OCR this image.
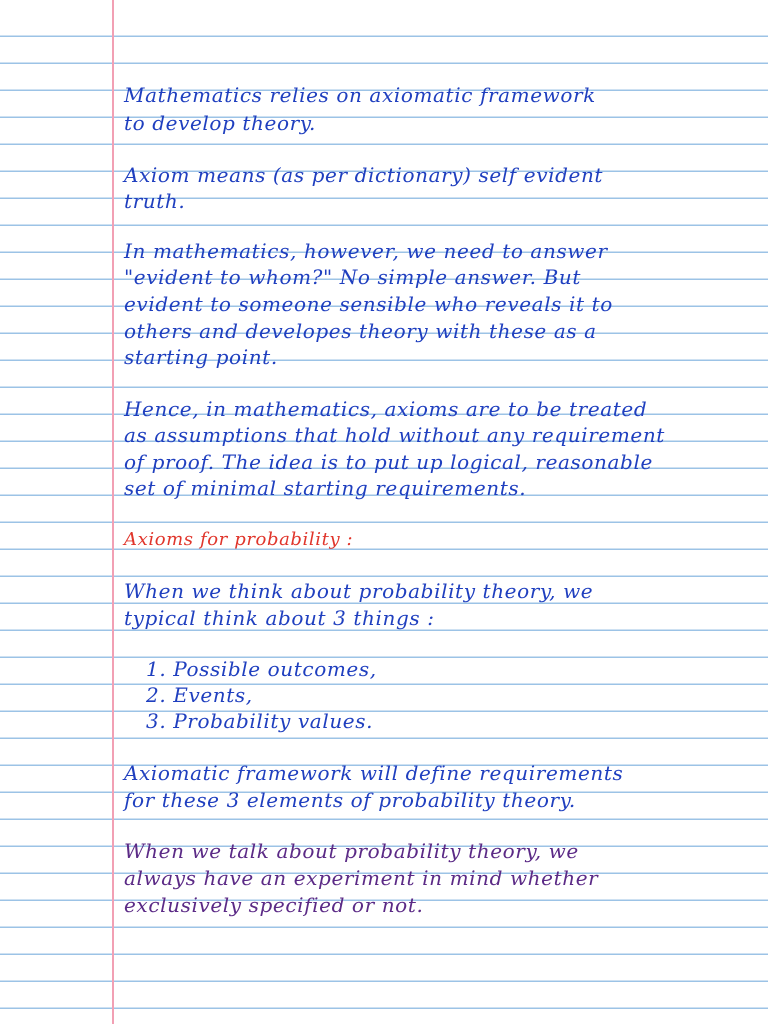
Mathematics relies on axiomatic framework
to develop theory.
Axiom means (as per dictionary) self evident
truth.
In mathematics, however, we need to answer
"evident to whom?" No simple answer. But
evident to someone sensible who reveals it to
others and developes theory with these as a
starting point.
Hence, in mathematics, axioms are to be treated
as assumptions that hold without any requirement
of proof. The idea is to put up logical, reasonable
set of minimal starting requirements.
Axioms for probability :
When we think about probability theory, we
typical think about 3 things :
1. Possible outcomes,
2. Events,
3. Probability values.
Axiomatic framework will define requirements
for these 3 elements of probability theory.
When we talk about probability theory, we
always have an experiment in mind whether
exclusively specified or not.
